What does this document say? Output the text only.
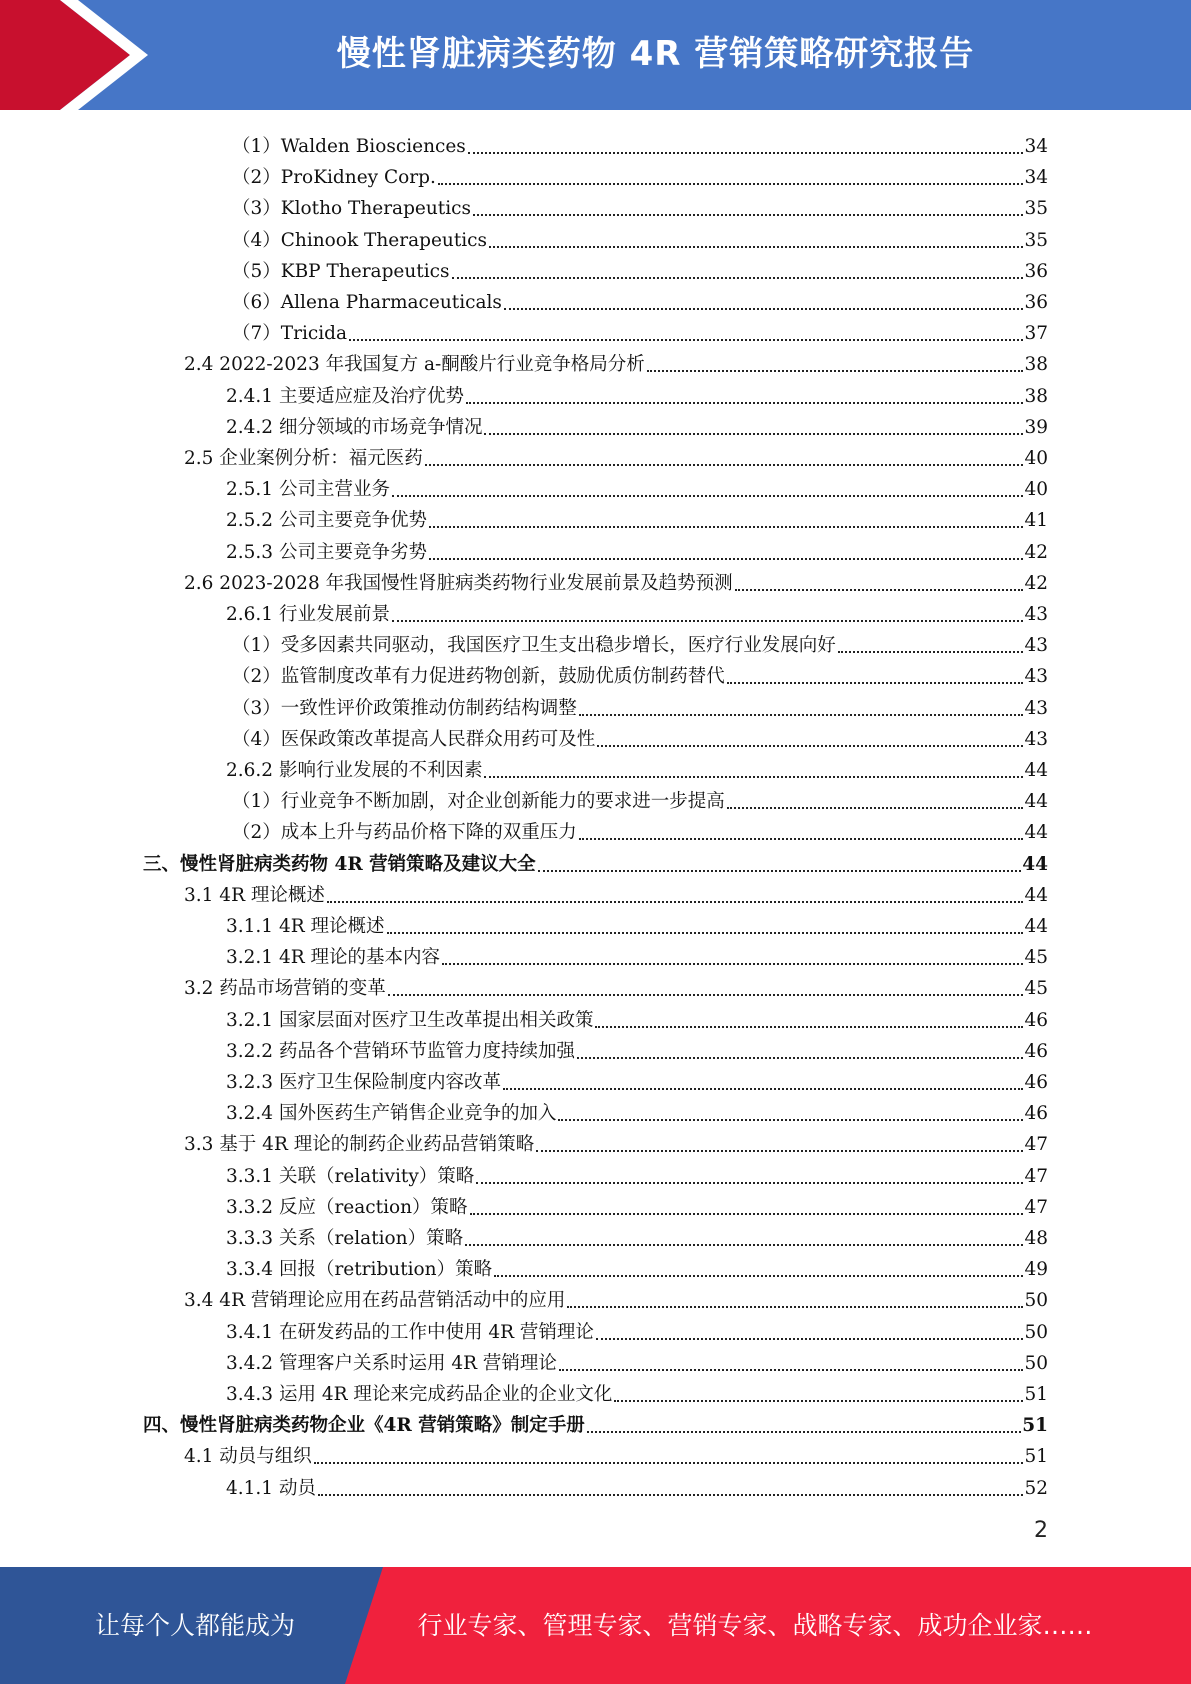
慢性肾脏病类药物 4R 营销策略研究报告
（1）Walden Biosciences	34
（2）ProKidney Corp.	34
（3）Klotho Therapeutics	35
（4）Chinook Therapeutics	35
（5）KBP Therapeutics	36
（6）Allena Pharmaceuticals	36
（7）Tricida	37
2.4 2022-2023 年我国复方 a-酮酸片行业竞争格局分析	38
2.4.1 主要适应症及治疗优势	38
2.4.2 细分领域的市场竞争情况	39
2.5 企业案例分析：福元医药	40
2.5.1 公司主营业务	40
2.5.2 公司主要竞争优势	41
2.5.3 公司主要竞争劣势	42
2.6 2023-2028 年我国慢性肾脏病类药物行业发展前景及趋势预测	42
2.6.1 行业发展前景	43
（1）受多因素共同驱动，我国医疗卫生支出稳步增长，医疗行业发展向好	43
（2）监管制度改革有力促进药物创新，鼓励优质仿制药替代	43
（3）一致性评价政策推动仿制药结构调整	43
（4）医保政策改革提高人民群众用药可及性	43
2.6.2 影响行业发展的不利因素	44
（1）行业竞争不断加剧，对企业创新能力的要求进一步提高	44
（2）成本上升与药品价格下降的双重压力	44
三、慢性肾脏病类药物 4R 营销策略及建议大全	44
3.1 4R 理论概述	44
3.1.1 4R 理论概述	44
3.2.1 4R 理论的基本内容	45
3.2 药品市场营销的变革	45
3.2.1 国家层面对医疗卫生改革提出相关政策	46
3.2.2 药品各个营销环节监管力度持续加强	46
3.2.3 医疗卫生保险制度内容改革	46
3.2.4 国外医药生产销售企业竞争的加入	46
3.3 基于 4R 理论的制药企业药品营销策略	47
3.3.1 关联（relativity）策略	47
3.3.2 反应（reaction）策略	47
3.3.3 关系（relation）策略	48
3.3.4 回报（retribution）策略	49
3.4 4R 营销理论应用在药品营销活动中的应用	50
3.4.1 在研发药品的工作中使用 4R 营销理论	50
3.4.2 管理客户关系时运用 4R 营销理论	50
3.4.3 运用 4R 理论来完成药品企业的企业文化	51
四、慢性肾脏病类药物企业《4R 营销策略》制定手册	51
4.1 动员与组织	51
4.1.1 动员	52
2
让每个人都能成为	行业专家、管理专家、营销专家、战略专家、成功企业家……
